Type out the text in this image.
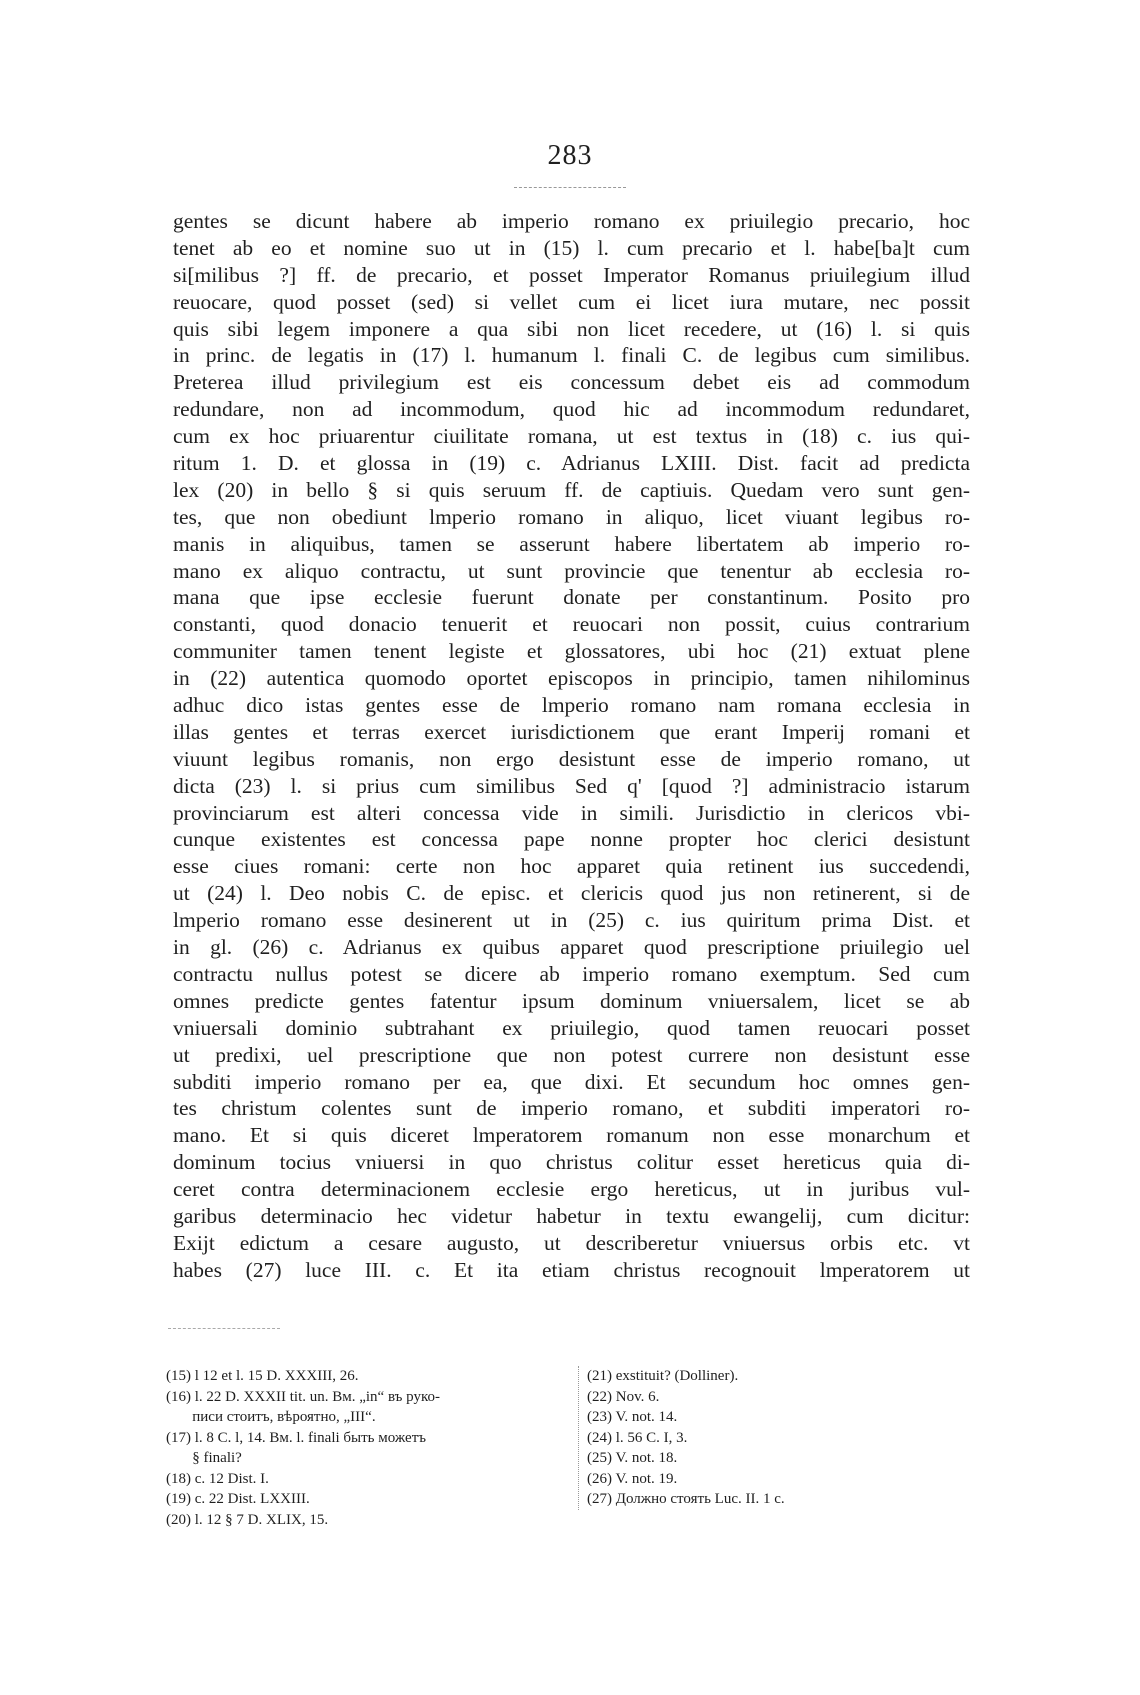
283
gentes se dicunt habere ab imperio romano ex priuilegio precario, hoc
tenet ab eo et nomine suo ut in (15) l. cum precario et l. habe[ba]t cum
si[milibus ?] ff. de precario, et posset Imperator Romanus priuilegium illud
reuocare, quod posset (sed) si vellet cum ei licet iura mutare, nec possit
quis sibi legem imponere a qua sibi non licet recedere, ut (16) l. si quis
in princ. de legatis in (17) l. humanum l. finali C. de legibus cum similibus.
Preterea illud privilegium est eis concessum debet eis ad commodum
redundare, non ad incommodum, quod hic ad incommodum redundaret,
cum ex hoc priuarentur ciuilitate romana, ut est textus in (18) c. ius qui-
ritum 1. D. et glossa in (19) c. Adrianus LXIII. Dist. facit ad predicta
lex (20) in bello § si quis seruum ff. de captiuis. Quedam vero sunt gen-
tes, que non obediunt lmperio romano in aliquo, licet viuant legibus ro-
manis in aliquibus, tamen se asserunt habere libertatem ab imperio ro-
mano ex aliquo contractu, ut sunt provincie que tenentur ab ecclesia ro-
mana que ipse ecclesie fuerunt donate per constantinum. Posito pro
constanti, quod donacio tenuerit et reuocari non possit, cuius contrarium
communiter tamen tenent legiste et glossatores, ubi hoc (21) extuat plene
in (22) autentica quomodo oportet episcopos in principio, tamen nihilominus
adhuc dico istas gentes esse de lmperio romano nam romana ecclesia in
illas gentes et terras exercet iurisdictionem que erant Imperij romani et
viuunt legibus romanis, non ergo desistunt esse de imperio romano, ut
dicta (23) l. si prius cum similibus Sed q' [quod ?] administracio istarum
provinciarum est alteri concessa vide in simili. Jurisdictio in clericos vbi-
cunque existentes est concessa pape nonne propter hoc clerici desistunt
esse ciues romani: certe non hoc apparet quia retinent ius succedendi,
ut (24) l. Deo nobis C. de episc. et clericis quod jus non retinerent, si de
lmperio romano esse desinerent ut in (25) c. ius quiritum prima Dist. et
in gl. (26) c. Adrianus ex quibus apparet quod prescriptione priuilegio uel
contractu nullus potest se dicere ab imperio romano exemptum. Sed cum
omnes predicte gentes fatentur ipsum dominum vniuersalem, licet se ab
vniuersali dominio subtrahant ex priuilegio, quod tamen reuocari posset
ut predixi, uel prescriptione que non potest currere non desistunt esse
subditi imperio romano per ea, que dixi. Et secundum hoc omnes gen-
tes christum colentes sunt de imperio romano, et subditi imperatori ro-
mano. Et si quis diceret lmperatorem romanum non esse monarchum et
dominum tocius vniuersi in quo christus colitur esset hereticus quia di-
ceret contra determinacionem ecclesie ergo hereticus, ut in juribus vul-
garibus determinacio hec videtur habetur in textu ewangelij, cum dicitur:
Exijt edictum a cesare augusto, ut describeretur vniuersus orbis etc. vt
habes (27) luce III. c. Et ita etiam christus recognouit lmperatorem ut
(15) l 12 et l. 15 D. XXXIII, 26.
(16) l. 22 D. XXXII tit. un. Вм. „in“ въ руко-
писи стоитъ, вѣроятно, „III“.
(17) l. 8 C. l, 14. Вм. l. finali быть можетъ
§ finali?
(18) c. 12 Dist. I.
(19) c. 22 Dist. LXXIII.
(20) l. 12 § 7 D. XLIX, 15.
(21) exstituit? (Dolliner).
(22) Nov. 6.
(23) V. not. 14.
(24) l. 56 C. I, 3.
(25) V. not. 18.
(26) V. not. 19.
(27) Должно стоять Luc. II. 1 c.
